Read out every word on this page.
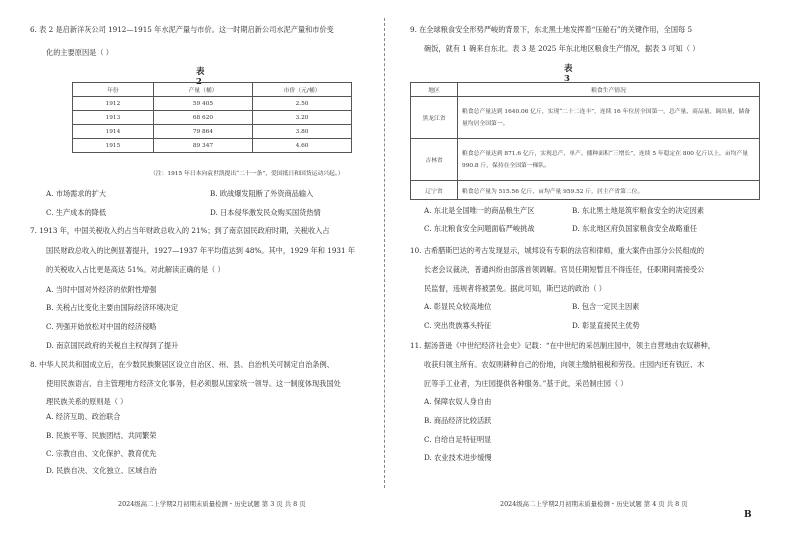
6. 表 2 是启新洋灰公司 1912—1915 年水泥产量与市价。这一时期启新公司水泥产量和市价变
化的主要原因是（ ）
表 2
年份	产量（桶）	市价（元/桶）
1912	59 405	2.50
1913	68 620	3.20
1914	79 864	3.80
1915	89 347	4.60
（注：1915 年日本向袁世凯提出“二十一条”，爱国抵日和国货运动兴起。）
A. 市场需求的扩大	B. 欧战爆发阻断了外资商品输入
C. 生产成本的降低	D. 日本侵华激发民众购买国货热情
7. 1913 年，中国关税收入约占当年财政总收入的 21%；到了南京国民政府时期，关税收入占
国民财政总收入的比例显著提升，1927—1937 年平均值达到 48%。其中，1929 年和 1931 年
的关税收入占比更是高达 51%。对此解读正确的是（ ）
A. 当时中国对外经济的依附性增强
B. 关税占比变化主要由国际经济环境决定
C. 列强开始放松对中国的经济侵略
D. 南京国民政府的关税自主权得到了提升
8. 中华人民共和国成立后，在少数民族聚居区设立自治区、州、县、自治机关可制定自治条例、
使用民族语言、自主管理地方经济文化事务，但必须服从国家统一领导。这一制度体现我国处
理民族关系的原则是（ ）
A. 经济互助、政治联合
B. 民族平等、民族团结、共同繁荣
C. 宗教自由、文化保护、教育优先
D. 民族自决、文化独立、区域自治
2024级高二上学期2月初期末质量检测・历史试题 第 3 页 共 8 页
9. 在全球粮食安全形势严峻的背景下，东北黑土地发挥着“压舱石”的关键作用，全国每 5
碗饭，就有 1 碗来自东北。表 3 是 2025 年东北地区粮食生产情况，据表 3 可知（ ）
表 3
地区	粮食生产情况
黑龙江省	粮食总产量达到 1640.06 亿斤，实现“二十二连丰”，连续 16 年位居全国第一，总产量、商品量、调出量，储备量均居全国第一。
吉林省	粮食总产量达到 871.6 亿斤，实现总产、单产、播种面积“三增长”，连续 5 年稳定在 800 亿斤以上，亩均产量 990.8 斤，保持在全国第一梯队。
辽宁省	粮食总产量为 515.56 亿斤，亩均产量 959.52 斤，居主产省第二位。
A. 东北是全国唯一的商品粮生产区	B. 东北黑土地是筑牢粮食安全的决定因素
C. 东北粮食安全问题面临严峻挑战	D. 东北地区府负国家粮食安全战略重任
10. 古希腊斯巴达的考古发现显示，城邦设有专职的法官和律师，重大案件由部分公民组成的
长老会议裁决，普通纠纷由部落首领调解。官员任期短暂且不得连任，任职期间需接受公
民监督，违规者将被罢免。据此可知，斯巴达的政治（ ）
A. 彰显民众较高地位	B. 包含一定民主因素
C. 突出贵族寡头特征	D. 彰显直接民主优势
11. 据汤普逊《中世纪经济社会史》记载：“在中世纪的采邑制庄园中，领主自营地由农奴耕种，
收获归领主所有。农奴则耕种自己的份地，向领主缴纳租税和劳役。庄园内还有铁匠、木
匠等手工业者，为庄园提供各种服务。”基于此，采邑制庄园（ ）
A. 保障农奴人身自由
B. 商品经济比较活跃
C. 自给自足特征明显
D. 农业技术进步缓慢
2024级高二上学期2月初期末质量检测・历史试题 第 4 页 共 8 页
B
